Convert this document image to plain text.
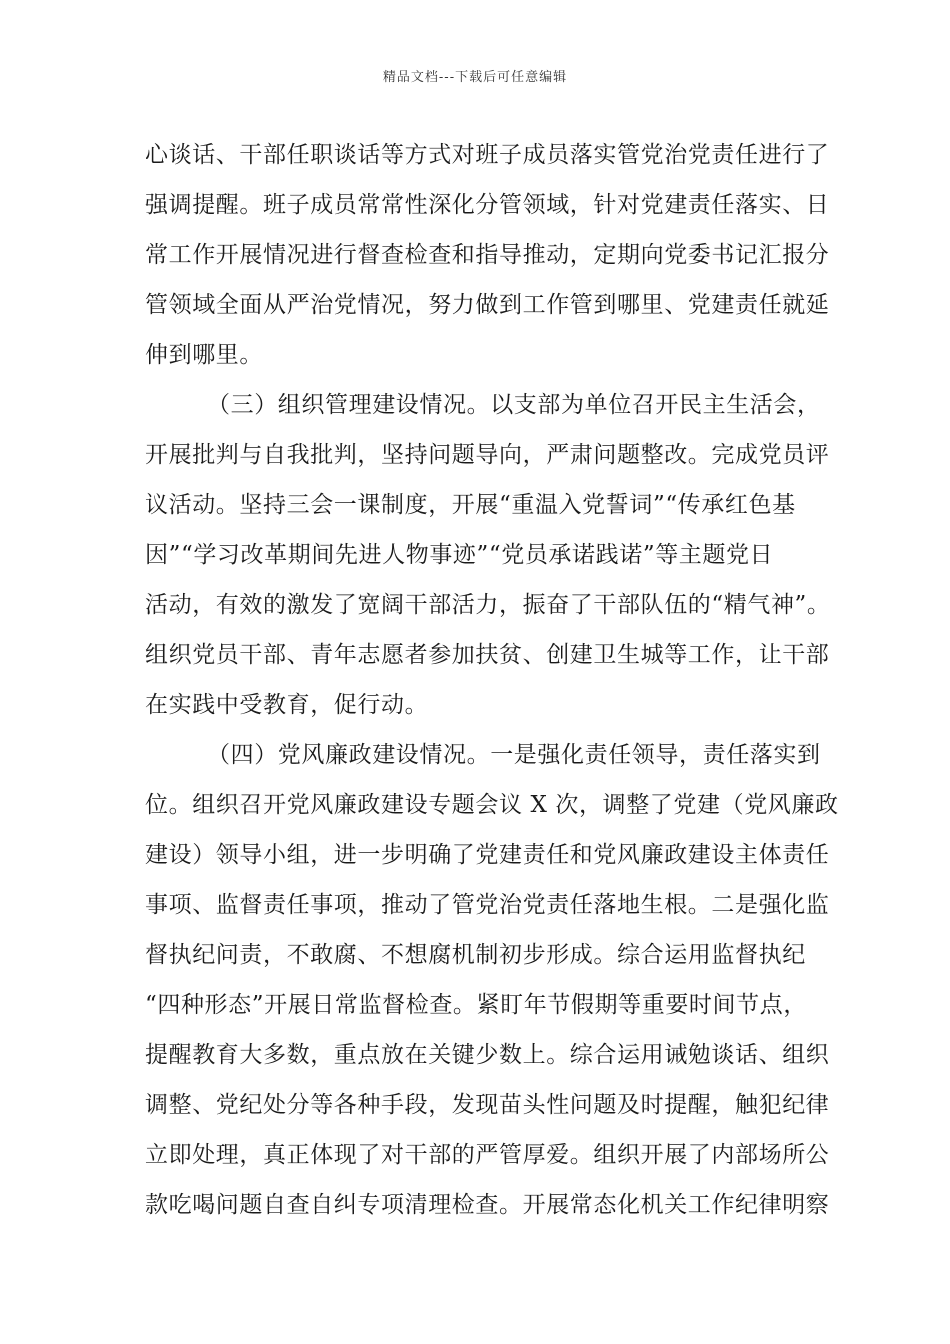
精品文档---下载后可任意编辑
心谈话、干部任职谈话等方式对班子成员落实管党治党责任进行了
强调提醒。班子成员常常性深化分管领域，针对党建责任落实、日
常工作开展情况进行督查检查和指导推动，定期向党委书记汇报分
管领域全面从严治党情况，努力做到工作管到哪里、党建责任就延
伸到哪里。
（三）组织管理建设情况。以支部为单位召开民主生活会，
开展批判与自我批判，坚持问题导向，严肃问题整改。完成党员评
议活动。坚持三会一课制度，开展“重温入党誓词”“传承红色基
因”“学习改革期间先进人物事迹”“党员承诺践诺”等主题党日
活动，有效的激发了宽阔干部活力，振奋了干部队伍的“精气神”。
组织党员干部、青年志愿者参加扶贫、创建卫生城等工作，让干部
在实践中受教育，促行动。
（四）党风廉政建设情况。一是强化责任领导，责任落实到
位。组织召开党风廉政建设专题会议 X 次，调整了党建（党风廉政
建设）领导小组，进一步明确了党建责任和党风廉政建设主体责任
事项、监督责任事项，推动了管党治党责任落地生根。二是强化监
督执纪问责，不敢腐、不想腐机制初步形成。综合运用监督执纪
“四种形态”开展日常监督检查。紧盯年节假期等重要时间节点，
提醒教育大多数，重点放在关键少数上。综合运用诫勉谈话、组织
调整、党纪处分等各种手段，发现苗头性问题及时提醒，触犯纪律
立即处理，真正体现了对干部的严管厚爱。组织开展了内部场所公
款吃喝问题自查自纠专项清理检查。开展常态化机关工作纪律明察
